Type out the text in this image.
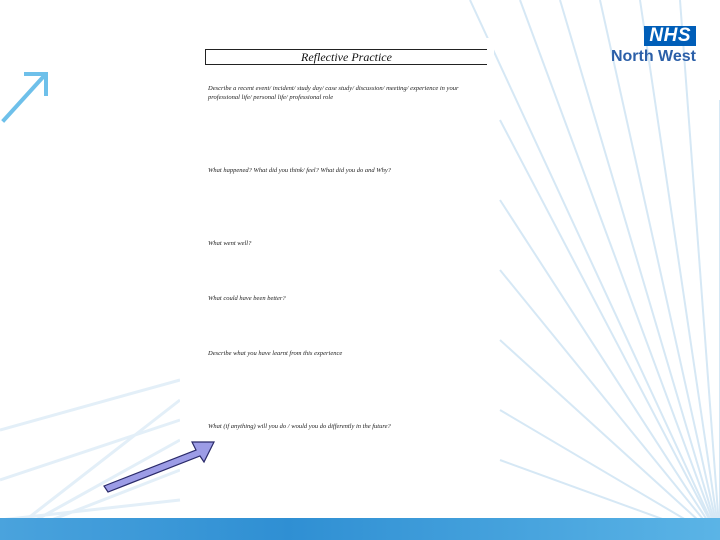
NHS
North West
Reflective Practice
Describe a recent event/ incident/ study day/ case study/ discussion/ meeting/ experience in your professional life/ personal life/ professional role
What happened? What did you think/ feel? What did you do and Why?
What went well?
What could have been better?
Describe what you have learnt from this experience
What (if anything) will you do / would you do differently in the future?
